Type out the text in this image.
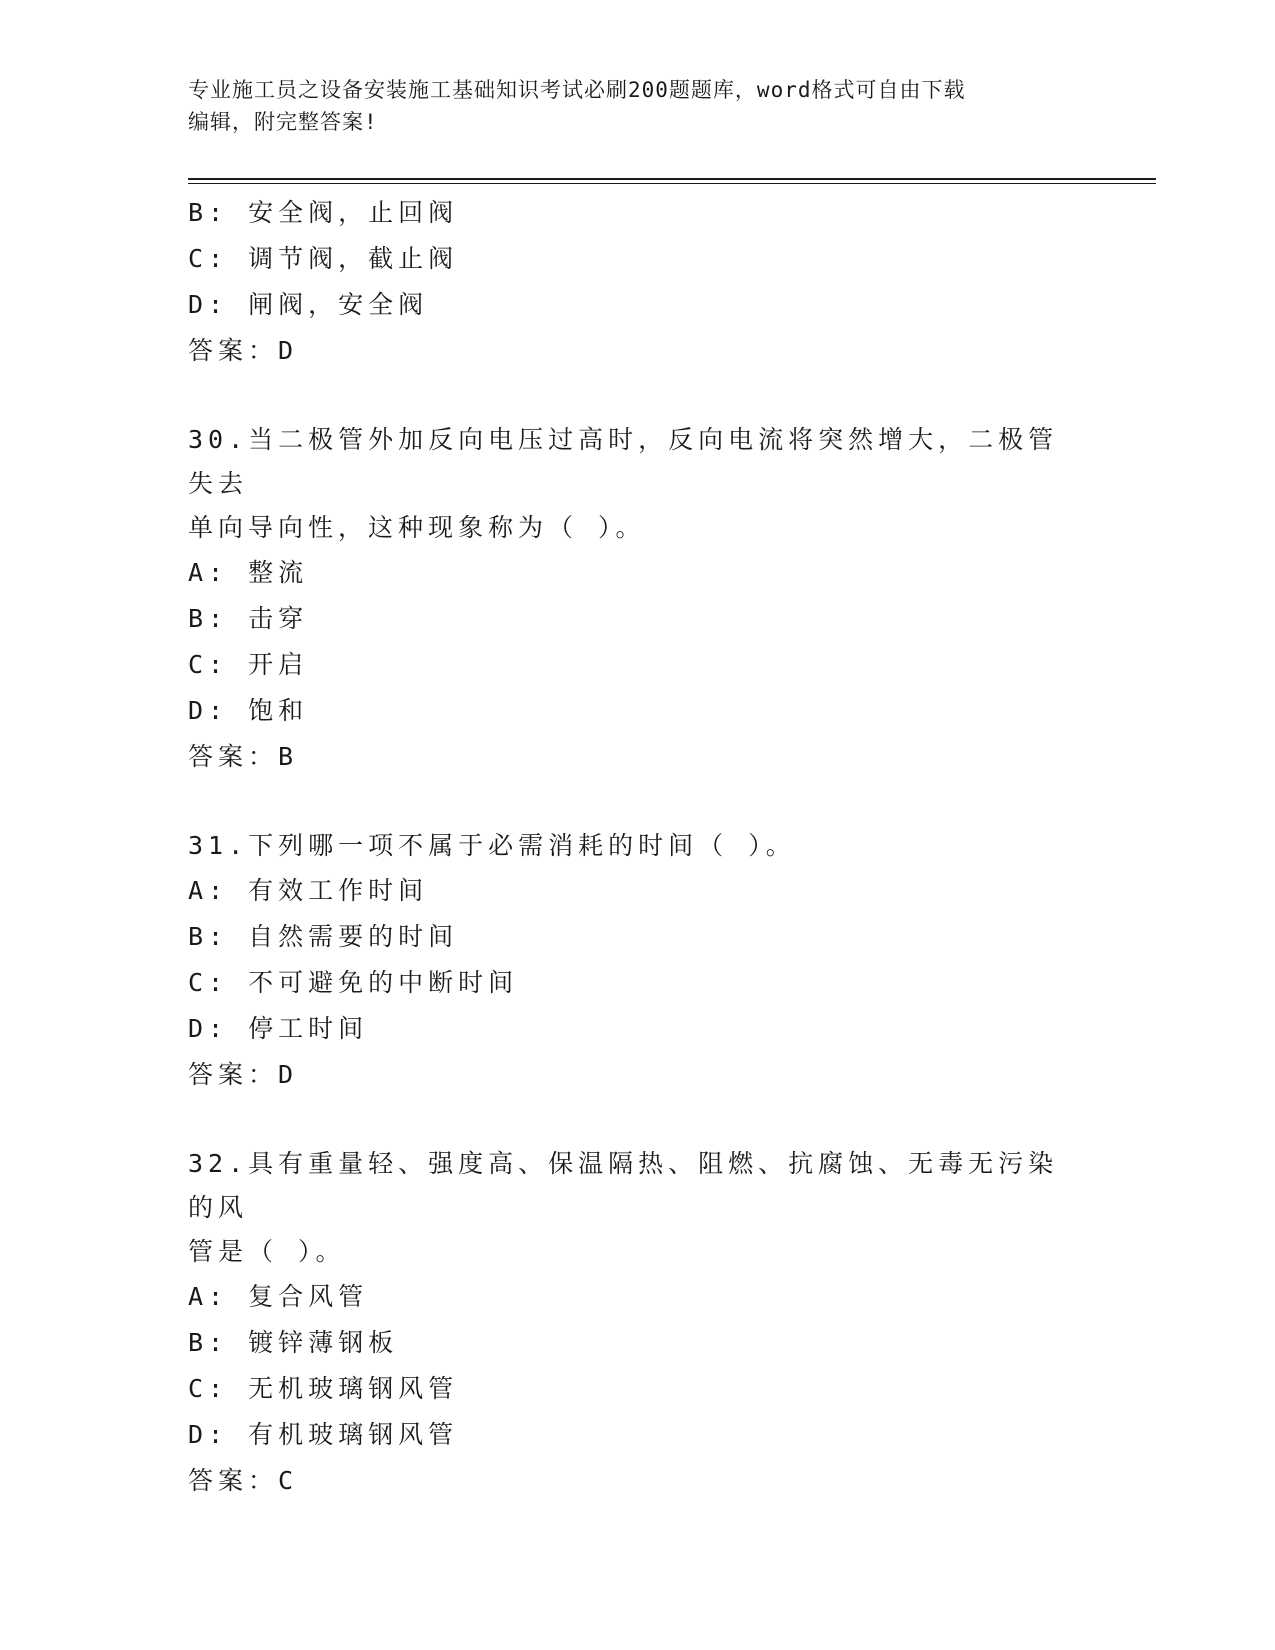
专业施工员之设备安装施工基础知识考试必刷200题题库，word格式可自由下载
编辑，附完整答案!
B: 安全阀，止回阀
C: 调节阀，截止阀
D: 闸阀，安全阀
答案：D
30.当二极管外加反向电压过高时，反向电流将突然增大，二极管失去
单向导向性，这种现象称为（ ）。
A: 整流
B: 击穿
C: 开启
D: 饱和
答案：B
31.下列哪一项不属于必需消耗的时间（ ）。
A: 有效工作时间
B: 自然需要的时间
C: 不可避免的中断时间
D: 停工时间
答案：D
32.具有重量轻、强度高、保温隔热、阻燃、抗腐蚀、无毒无污染的风
管是（ ）。
A: 复合风管
B: 镀锌薄钢板
C: 无机玻璃钢风管
D: 有机玻璃钢风管
答案：C
